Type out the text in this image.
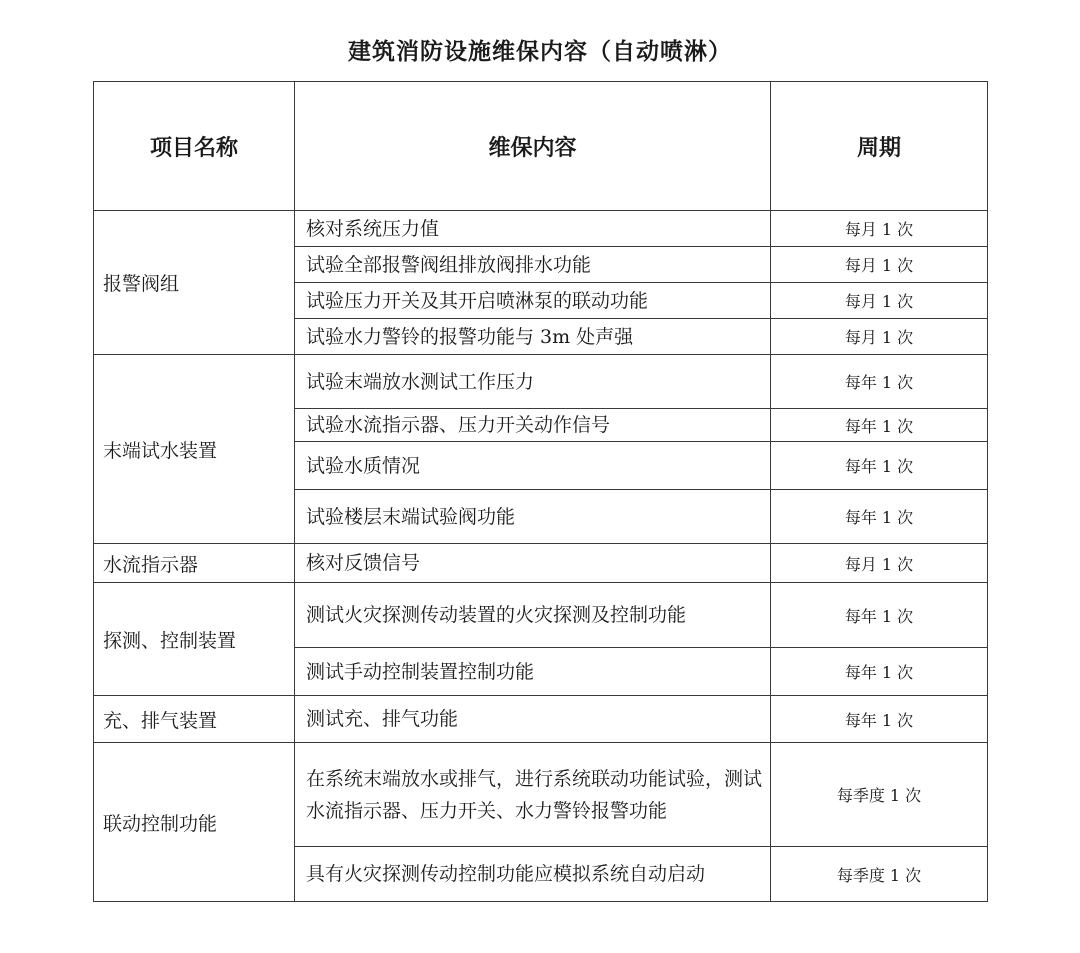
建筑消防设施维保内容（自动喷淋）
项目名称	维保内容	周期
报警阀组	核对系统压力值	每月 1 次
	试验全部报警阀组排放阀排水功能	每月 1 次
	试验压力开关及其开启喷淋泵的联动功能	每月 1 次
	试验水力警铃的报警功能与 3m 处声强	每月 1 次
末端试水装置	试验末端放水测试工作压力	每年 1 次
	试验水流指示器、压力开关动作信号	每年 1 次
	试验水质情况	每年 1 次
	试验楼层末端试验阀功能	每年 1 次
水流指示器	核对反馈信号	每月 1 次
探测、控制装置	测试火灾探测传动装置的火灾探测及控制功能	每年 1 次
	测试手动控制装置控制功能	每年 1 次
充、排气装置	测试充、排气功能	每年 1 次
联动控制功能	在系统末端放水或排气，进行系统联动功能试验，测试水流指示器、压力开关、水力警铃报警功能	每季度 1 次
	具有火灾探测传动控制功能应模拟系统自动启动	每季度 1 次
